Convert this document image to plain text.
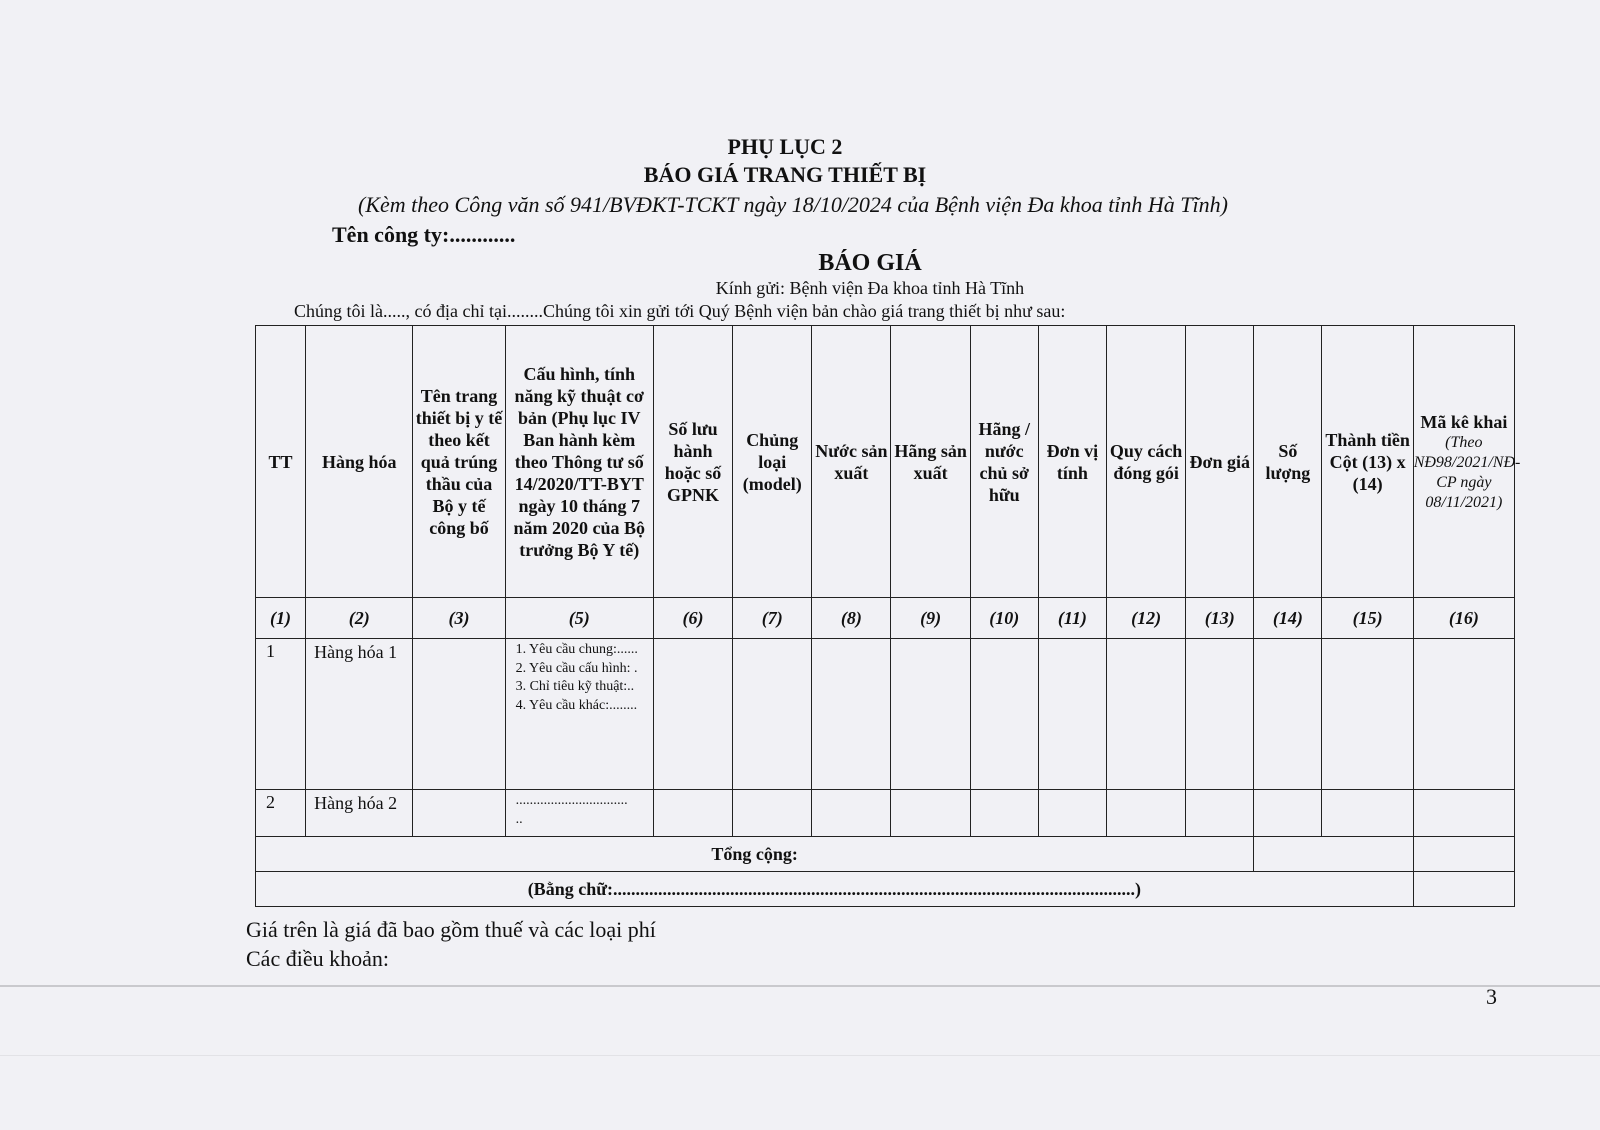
PHỤ LỤC 2
BÁO GIÁ TRANG THIẾT BỊ
(Kèm theo Công văn số 941/BVĐKT-TCKT ngày 18/10/2024 của Bệnh viện Đa khoa tỉnh Hà Tĩnh)
Tên công ty:............
BÁO GIÁ
Kính gửi: Bệnh viện Đa khoa tỉnh Hà Tĩnh
Chúng tôi là....., có địa chỉ tại........Chúng tôi xin gửi tới Quý Bệnh viện bản chào giá trang thiết bị như sau:
TT	Hàng hóa	Tên trang thiết bị y tế theo kết quả trúng thầu của Bộ y tế công bố	Cấu hình, tính năng kỹ thuật cơ bản (Phụ lục IV Ban hành kèm theo Thông tư số 14/2020/TT-BYT ngày 10 tháng 7 năm 2020 của Bộ trưởng Bộ Y tế)	Số lưu hành hoặc số GPNK	Chủng loại (model)	Nước sản xuất	Hãng sản xuất	Hãng / nước chủ sở hữu	Đơn vị tính	Quy cách đóng gói	Đơn giá	Số lượng	Thành tiền Cột (13) x (14)	Mã kê khai
(Theo NĐ98/2021/NĐ-CP ngày 08/11/2021)

(1)	(2)	(3)	(5)	(6)	(7)	(8)	(9)	(10)	(11)	(12)	(13)	(14)	(15)	(16)
1	Hàng hóa 1		1. Yêu cầu chung:......
2. Yêu cầu cấu hình: .
3. Chỉ tiêu kỹ thuật:..
4. Yêu cầu khác:........											

2	Hàng hóa 2		................................
..											

Tổng cộng:														
(Bằng chữ:....................................................................................................................)														
Giá trên là giá đã bao gồm thuế và các loại phí
Các điều khoản:
3
